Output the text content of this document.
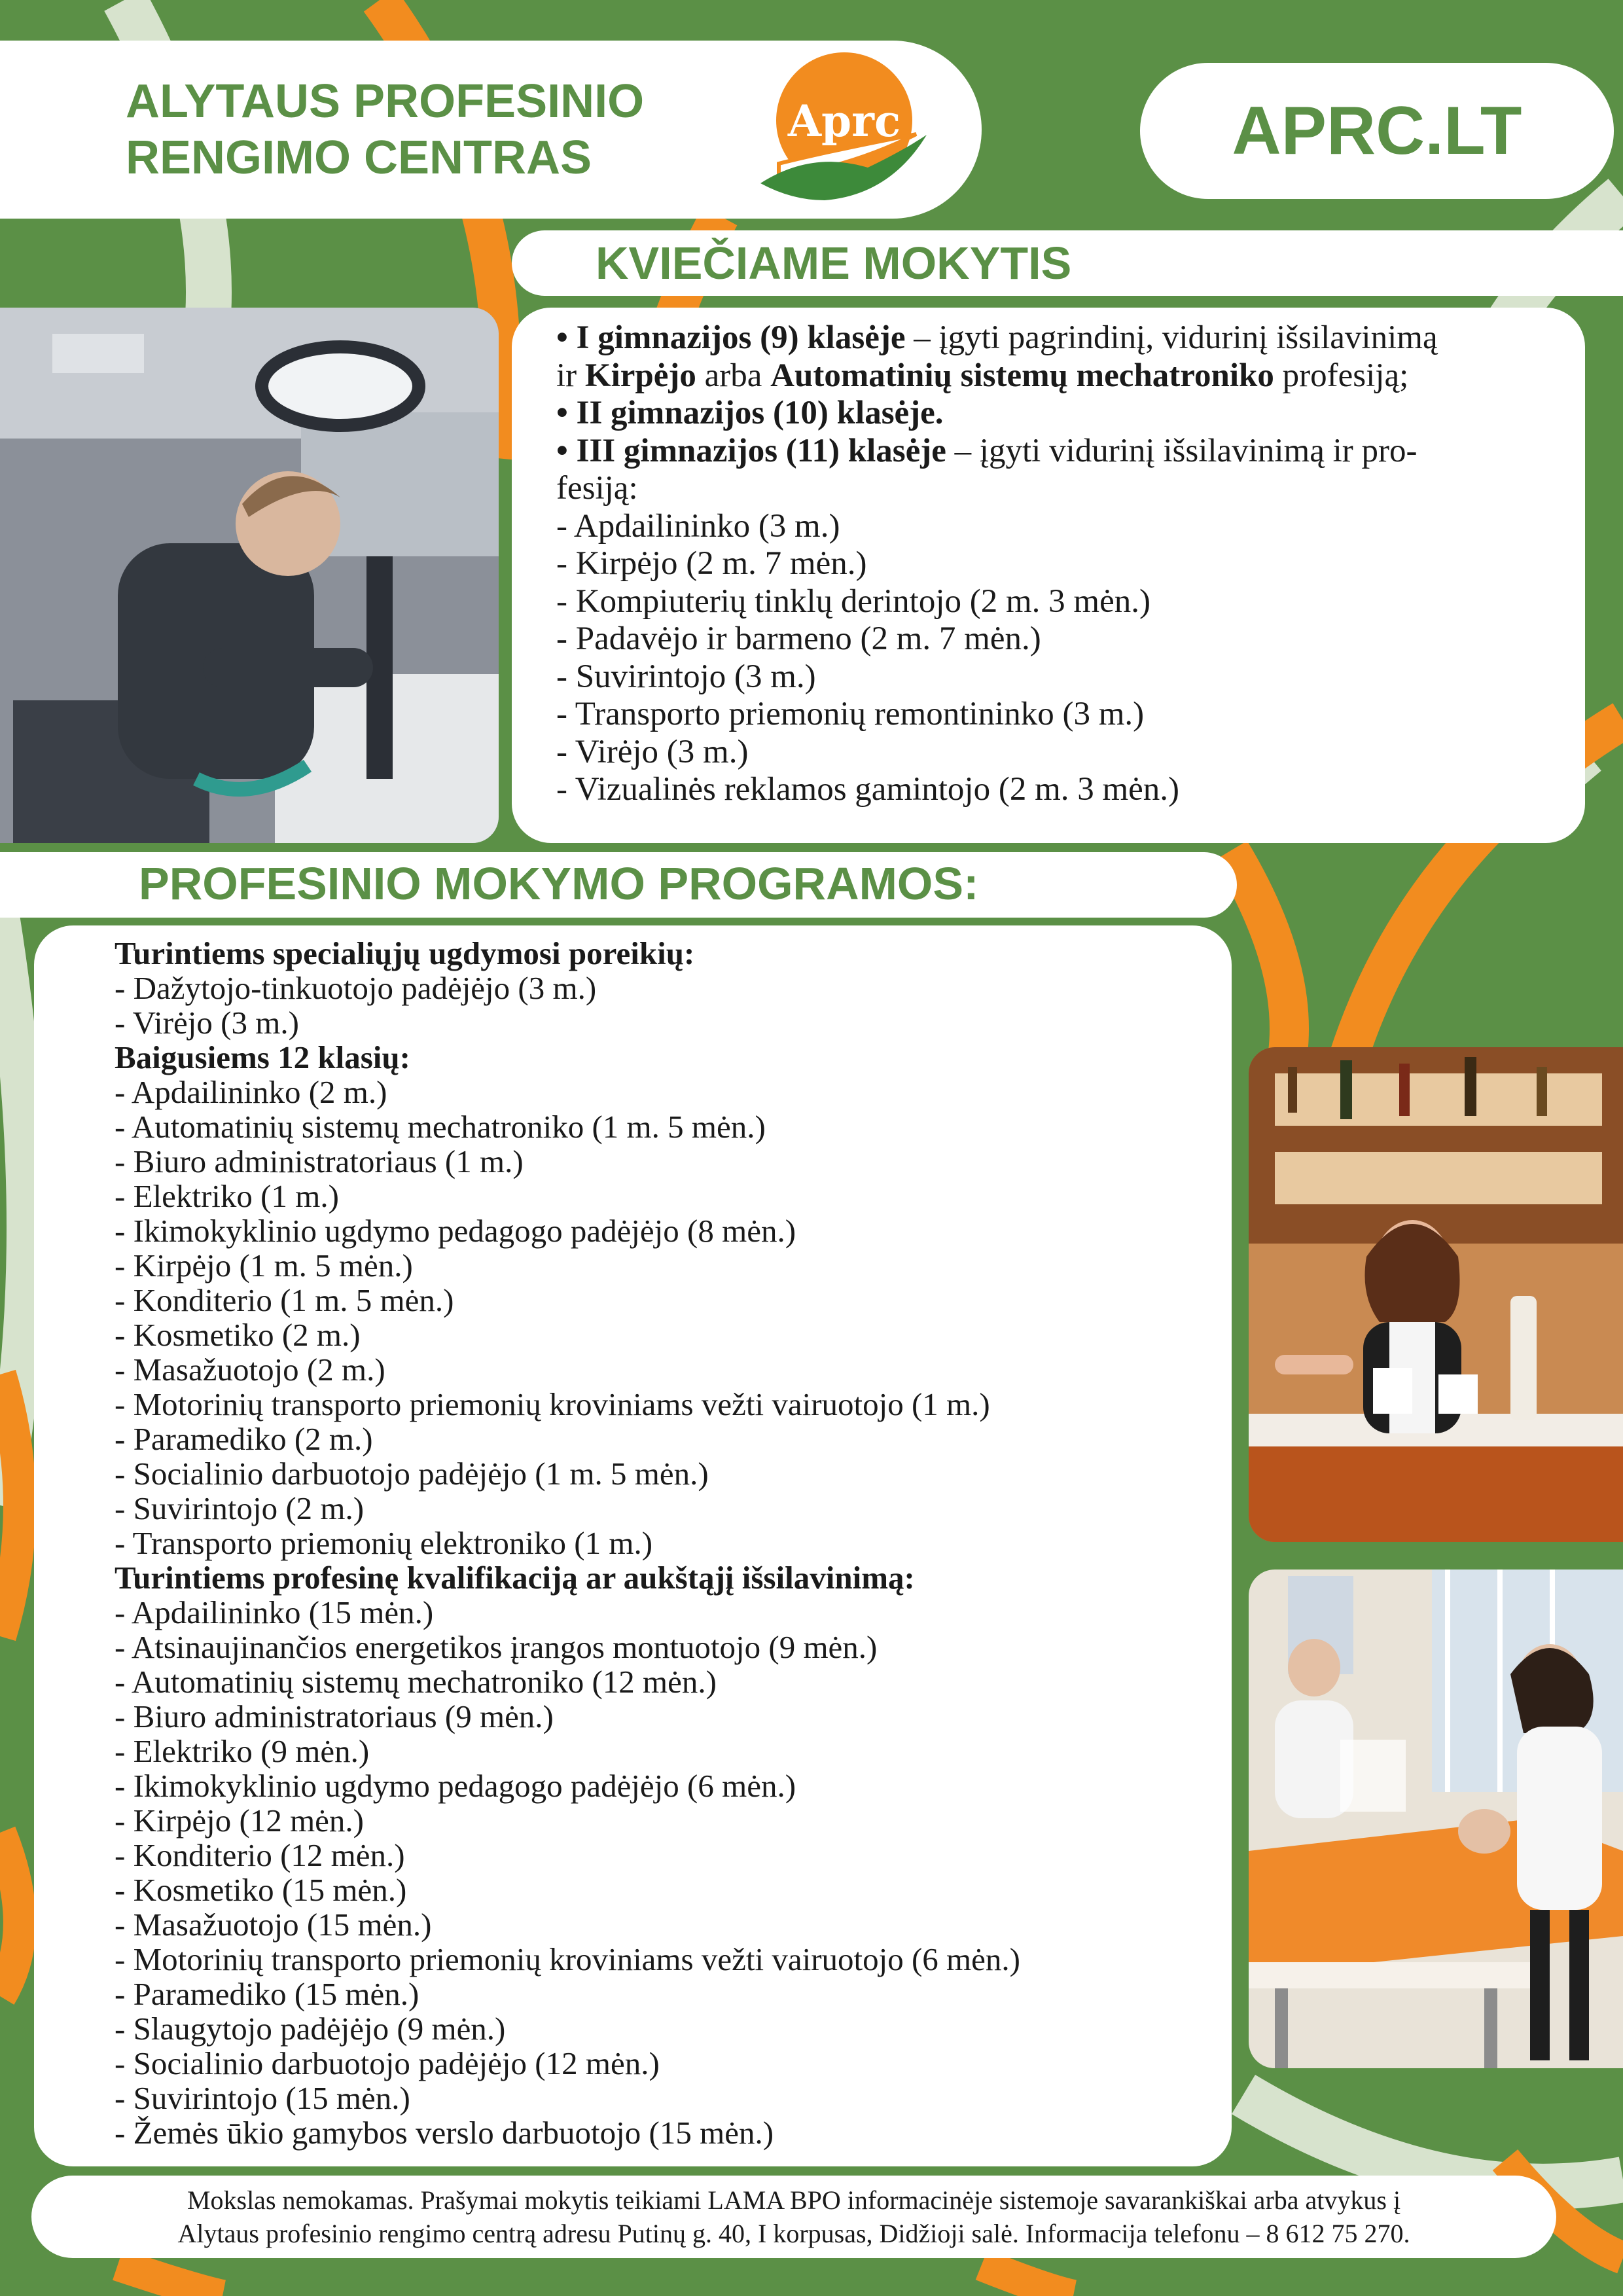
ALYTAUS PROFESINIO
RENGIMO CENTRAS
Aprc	APRC.LT
KVIEČIAME MOKYTIS
• I gimnazijos (9) klasėje – įgyti pagrindinį, vidurinį išsilavinimą
ir Kirpėjo arba Automatinių sistemų mechatroniko profesiją;
• II gimnazijos (10) klasėje.
• III gimnazijos (11) klasėje – įgyti vidurinį išsilavinimą ir pro-
fesiją:
- Apdailininko (3 m.)
- Kirpėjo (2 m. 7 mėn.)
- Kompiuterių tinklų derintojo (2 m. 3 mėn.)
- Padavėjo ir barmeno (2 m. 7 mėn.)
- Suvirintojo (3 m.)
- Transporto priemonių remontininko (3 m.)
- Virėjo (3 m.)
- Vizualinės reklamos gamintojo (2 m. 3 mėn.)
PROFESINIO MOKYMO PROGRAMOS:
Turintiems specialiųjų ugdymosi poreikių:
- Dažytojo-tinkuotojo padėjėjo (3 m.)
- Virėjo (3 m.)
Baigusiems 12 klasių:
- Apdailininko (2 m.)
- Automatinių sistemų mechatroniko (1 m. 5 mėn.)
- Biuro administratoriaus (1 m.)
- Elektriko (1 m.)
- Ikimokyklinio ugdymo pedagogo padėjėjo (8 mėn.)
- Kirpėjo (1 m. 5 mėn.)
- Konditerio (1 m. 5 mėn.)
- Kosmetiko (2 m.)
- Masažuotojo (2 m.)
- Motorinių transporto priemonių kroviniams vežti vairuotojo (1 m.)
- Paramediko (2 m.)
- Socialinio darbuotojo padėjėjo (1 m. 5 mėn.)
- Suvirintojo (2 m.)
- Transporto priemonių elektroniko (1 m.)
Turintiems profesinę kvalifikaciją ar aukštąjį išsilavinimą:
- Apdailininko (15 mėn.)
- Atsinaujinančios energetikos įrangos montuotojo (9 mėn.)
- Automatinių sistemų mechatroniko (12 mėn.)
- Biuro administratoriaus (9 mėn.)
- Elektriko (9 mėn.)
- Ikimokyklinio ugdymo pedagogo padėjėjo (6 mėn.)
- Kirpėjo (12 mėn.)
- Konditerio (12 mėn.)
- Kosmetiko (15 mėn.)
- Masažuotojo (15 mėn.)
- Motorinių transporto priemonių kroviniams vežti vairuotojo (6 mėn.)
- Paramediko (15 mėn.)
- Slaugytojo padėjėjo (9 mėn.)
- Socialinio darbuotojo padėjėjo (12 mėn.)
- Suvirintojo (15 mėn.)
- Žemės ūkio gamybos verslo darbuotojo (15 mėn.)
Mokslas nemokamas. Prašymai mokytis teikiami LAMA BPO informacinėje sistemoje savarankiškai arba atvykus į
Alytaus profesinio rengimo centrą adresu Putinų g. 40, I korpusas, Didžioji salė. Informacija telefonu – 8 612 75 270.
